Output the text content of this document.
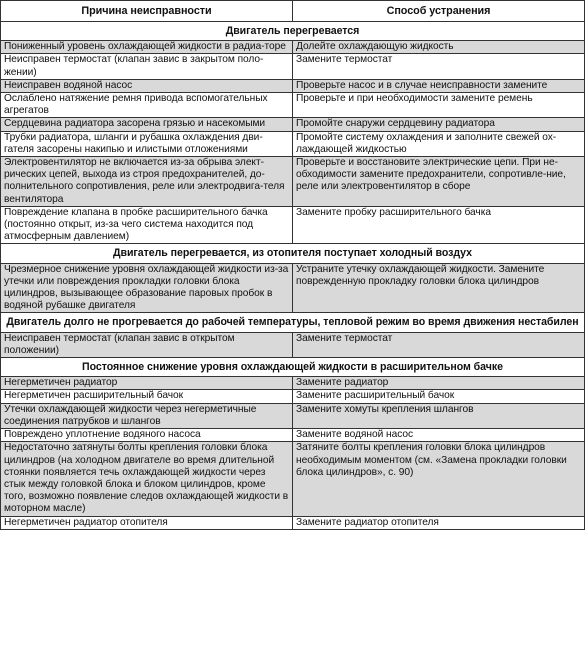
Причина неисправности	Способ устранения
Двигатель перегревается	
Пониженный уровень охлаждающей жидкости в радиа-торе	Долейте охлаждающую жидкость
Неисправен термостат (клапан завис в закрытом поло-жении)	Замените термостат
Неисправен водяной насос	Проверьте насос и в случае неисправности замените
Ослаблено натяжение ремня привода вспомогательных агрегатов	Проверьте и при необходимости замените ремень
Сердцевина радиатора засорена грязью и насекомыми	Промойте снаружи сердцевину радиатора
Трубки радиатора, шланги и рубашка охлаждения дви-гателя засорены накипью и илистыми отложениями	Промойте систему охлаждения и заполните свежей ох-лаждающей жидкостью
Электровентилятор не включается из-за обрыва элект-рических цепей, выхода из строя предохранителей, до-полнительного сопротивления, реле или электродвига-теля вентилятора	Проверьте и восстановите электрические цепи. При не-обходимости замените предохранители, сопротивле-ние, реле или электровентилятор в сборе
Повреждение клапана в пробке расширительного бачка (постоянно открыт, из-за чего система находится под атмосферным давлением)	Замените пробку расширительного бачка
Двигатель перегревается, из отопителя поступает холодный воздух	
Чрезмерное снижение уровня охлаждающей жидкости из-за утечки или повреждения прокладки головки блока цилиндров, вызывающее образование паровых пробок в водяной рубашке двигателя	Устраните утечку охлаждающей жидкости. Замените поврежденную прокладку головки блока цилиндров
Двигатель долго не прогревается до рабочей температуры, тепловой режим во время движения нестабилен	
Неисправен термостат (клапан завис в открытом положении)	Замените термостат
Постоянное снижение уровня охлаждающей жидкости в расширительном бачке	
Негерметичен радиатор	Замените радиатор
Негерметичен расширительный бачок	Замените расширительный бачок
Утечки охлаждающей жидкости через негерметичные соединения патрубков и шлангов	Замените хомуты крепления шлангов
Повреждено уплотнение водяного насоса	Замените водяной насос
Недостаточно затянуты болты крепления головки блока цилиндров (на холодном двигателе во время длительной стоянки появляется течь охлаждающей жидкости через стык между головкой блока и блоком цилиндров, кроме того, возможно появление следов охлаждающей жидкости в моторном масле)	Затяните болты крепления головки блока цилиндров необходимым моментом (см. «Замена прокладки головки блока цилиндров», с. 90)
Негерметичен радиатор отопителя	Замените радиатор отопителя
